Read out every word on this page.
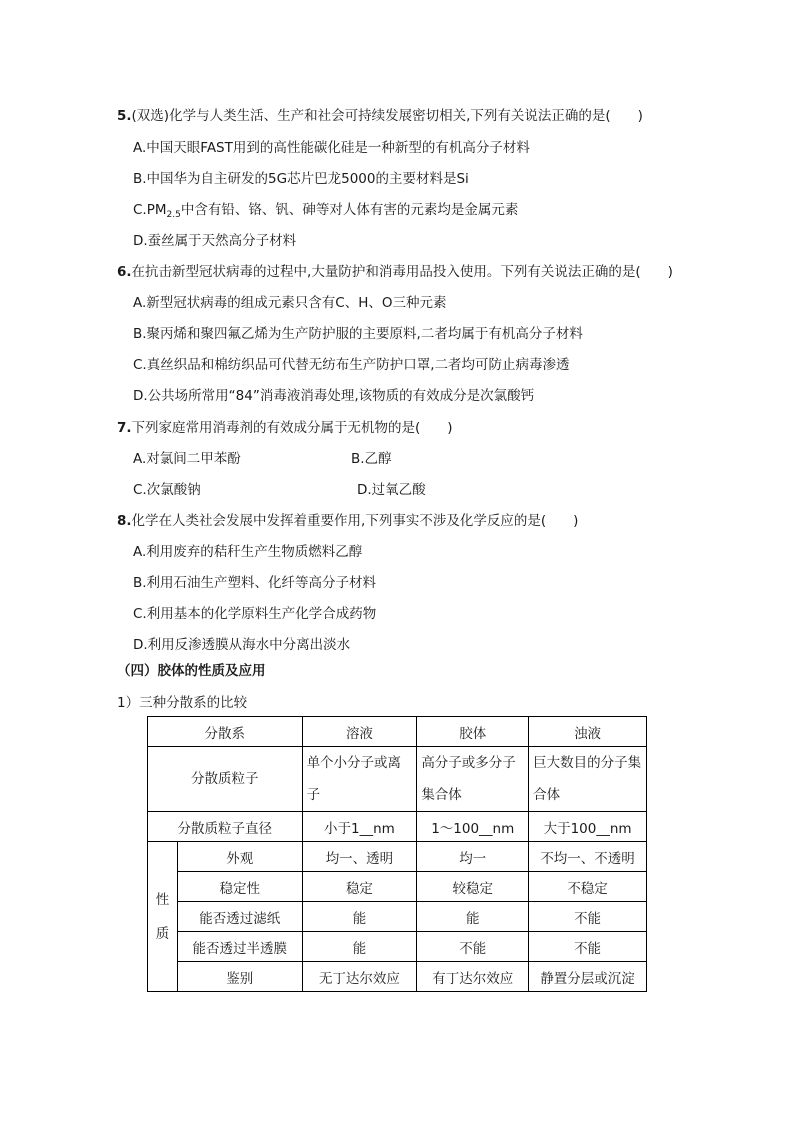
5.(双选)化学与人类生活、生产和社会可持续发展密切相关,下列有关说法正确的是(　　)
A.中国天眼FAST用到的高性能碳化硅是一种新型的有机高分子材料
B.中国华为自主研发的5G芯片巴龙5000的主要材料是Si
$C.PM_{2.5}$中含有铅、铬、钒、砷等对人体有害的元素均是金属元素
D.蚕丝属于天然高分子材料
6.在抗击新型冠状病毒的过程中,大量防护和消毒用品投入使用。下列有关说法正确的是(　　)
A.新型冠状病毒的组成元素只含有C、H、O三种元素
B.聚丙烯和聚四氟乙烯为生产防护服的主要原料,二者均属于有机高分子材料
C.真丝织品和棉纺织品可代替无纺布生产防护口罩,二者均可防止病毒渗透
D.公共场所常用“84”消毒液消毒处理,该物质的有效成分是次氯酸钙
7.下列家庭常用消毒剂的有效成分属于无机物的是(　　)
A.对氯间二甲苯酚	B.乙醇
C.次氯酸钠	D.过氧乙酸
8.化学在人类社会发展中发挥着重要作用,下列事实不涉及化学反应的是(　　)
A.利用废弃的秸秆生产生物质燃料乙醇
B.利用石油生产塑料、化纤等高分子材料
C.利用基本的化学原料生产化学合成药物
D.利用反渗透膜从海水中分离出淡水
（四）胶体的性质及应用
1）三种分散系的比较
分散系		溶液	胶体	浊液
分散质粒子		单个小分子或离子	高分子或多分子集合体	巨大数目的分子集合体
分散质粒子直径		小于1__nm	1～100__nm	大于100__nm
性质	外观	均一、透明	均一	不均一、不透明
	稳定性	稳定	较稳定	不稳定
	能否透过滤纸	能	能	不能
	能否透过半透膜	能	不能	不能
	鉴别	无丁达尔效应	有丁达尔效应	静置分层或沉淀
